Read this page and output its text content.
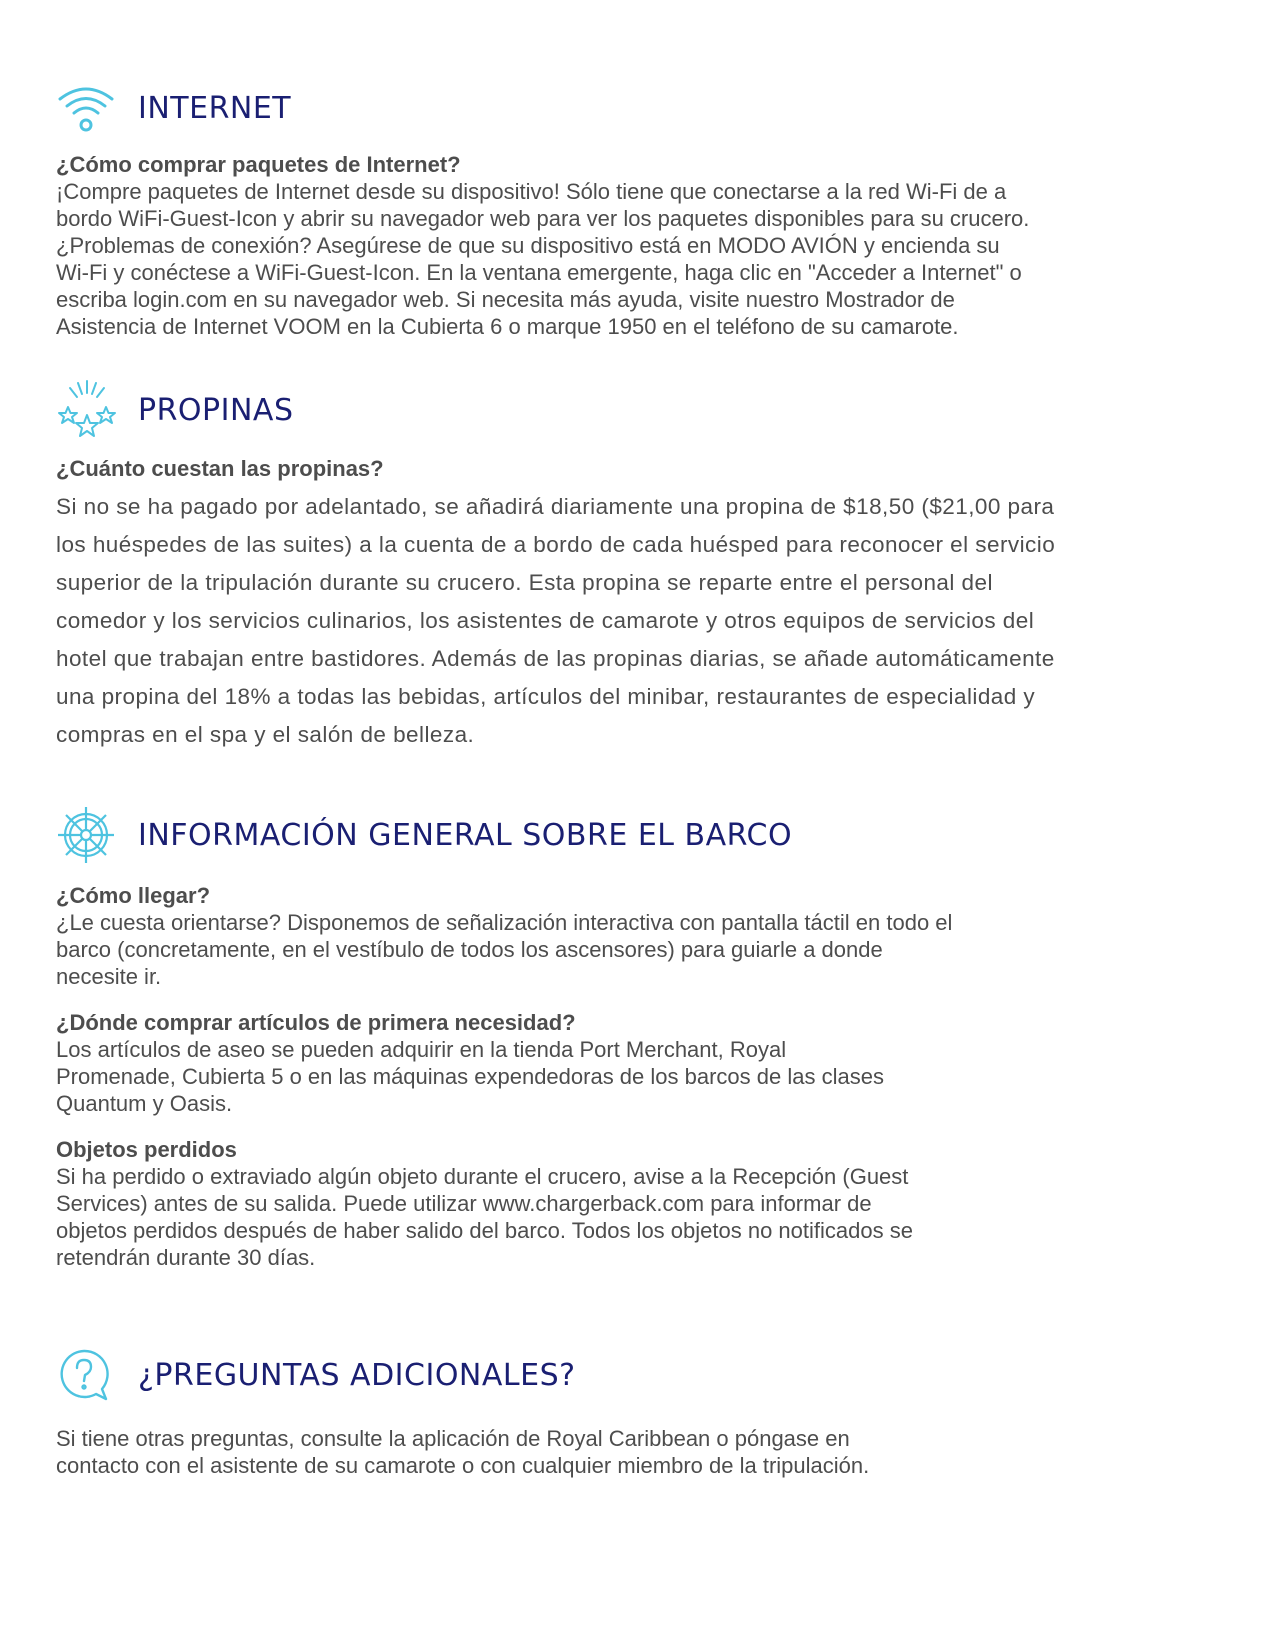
INTERNET

¿Cómo comprar paquetes de Internet?

¡Compre paquetes de Internet desde su dispositivo! Sólo tiene que conectarse a la red Wi-Fi de a

bordo WiFi-Guest-Icon y abrir su navegador web para ver los paquetes disponibles para su crucero.

¿Problemas de conexión? Asegúrese de que su dispositivo está en MODO AVIÓN y encienda su

Wi-Fi y conéctese a WiFi-Guest-Icon. En la ventana emergente, haga clic en "Acceder a Internet" o

escriba login.com en su navegador web. Si necesita más ayuda, visite nuestro Mostrador de

Asistencia de Internet VOOM en la Cubierta 6 o marque 1950 en el teléfono de su camarote.

PROPINAS

¿Cuánto cuestan las propinas?

Si no se ha pagado por adelantado, se añadirá diariamente una propina de $18,50 ($21,00 para

los huéspedes de las suites) a la cuenta de a bordo de cada huésped para reconocer el servicio

superior de la tripulación durante su crucero. Esta propina se reparte entre el personal del

comedor y los servicios culinarios, los asistentes de camarote y otros equipos de servicios del

hotel que trabajan entre bastidores. Además de las propinas diarias, se añade automáticamente

una propina del 18% a todas las bebidas, artículos del minibar, restaurantes de especialidad y

compras en el spa y el salón de belleza.

INFORMACIÓN GENERAL SOBRE EL BARCO

¿Cómo llegar?

¿Le cuesta orientarse? Disponemos de señalización interactiva con pantalla táctil en todo el

barco (concretamente, en el vestíbulo de todos los ascensores) para guiarle a donde

necesite ir.

¿Dónde comprar artículos de primera necesidad?

Los artículos de aseo se pueden adquirir en la tienda Port Merchant, Royal

Promenade, Cubierta 5 o en las máquinas expendedoras de los barcos de las clases

Quantum y Oasis.

Objetos perdidos

Si ha perdido o extraviado algún objeto durante el crucero, avise a la Recepción (Guest

Services) antes de su salida. Puede utilizar www.chargerback.com para informar de

objetos perdidos después de haber salido del barco. Todos los objetos no notificados se

retendrán durante 30 días.

¿PREGUNTAS ADICIONALES?

Si tiene otras preguntas, consulte la aplicación de Royal Caribbean o póngase en

contacto con el asistente de su camarote o con cualquier miembro de la tripulación.
